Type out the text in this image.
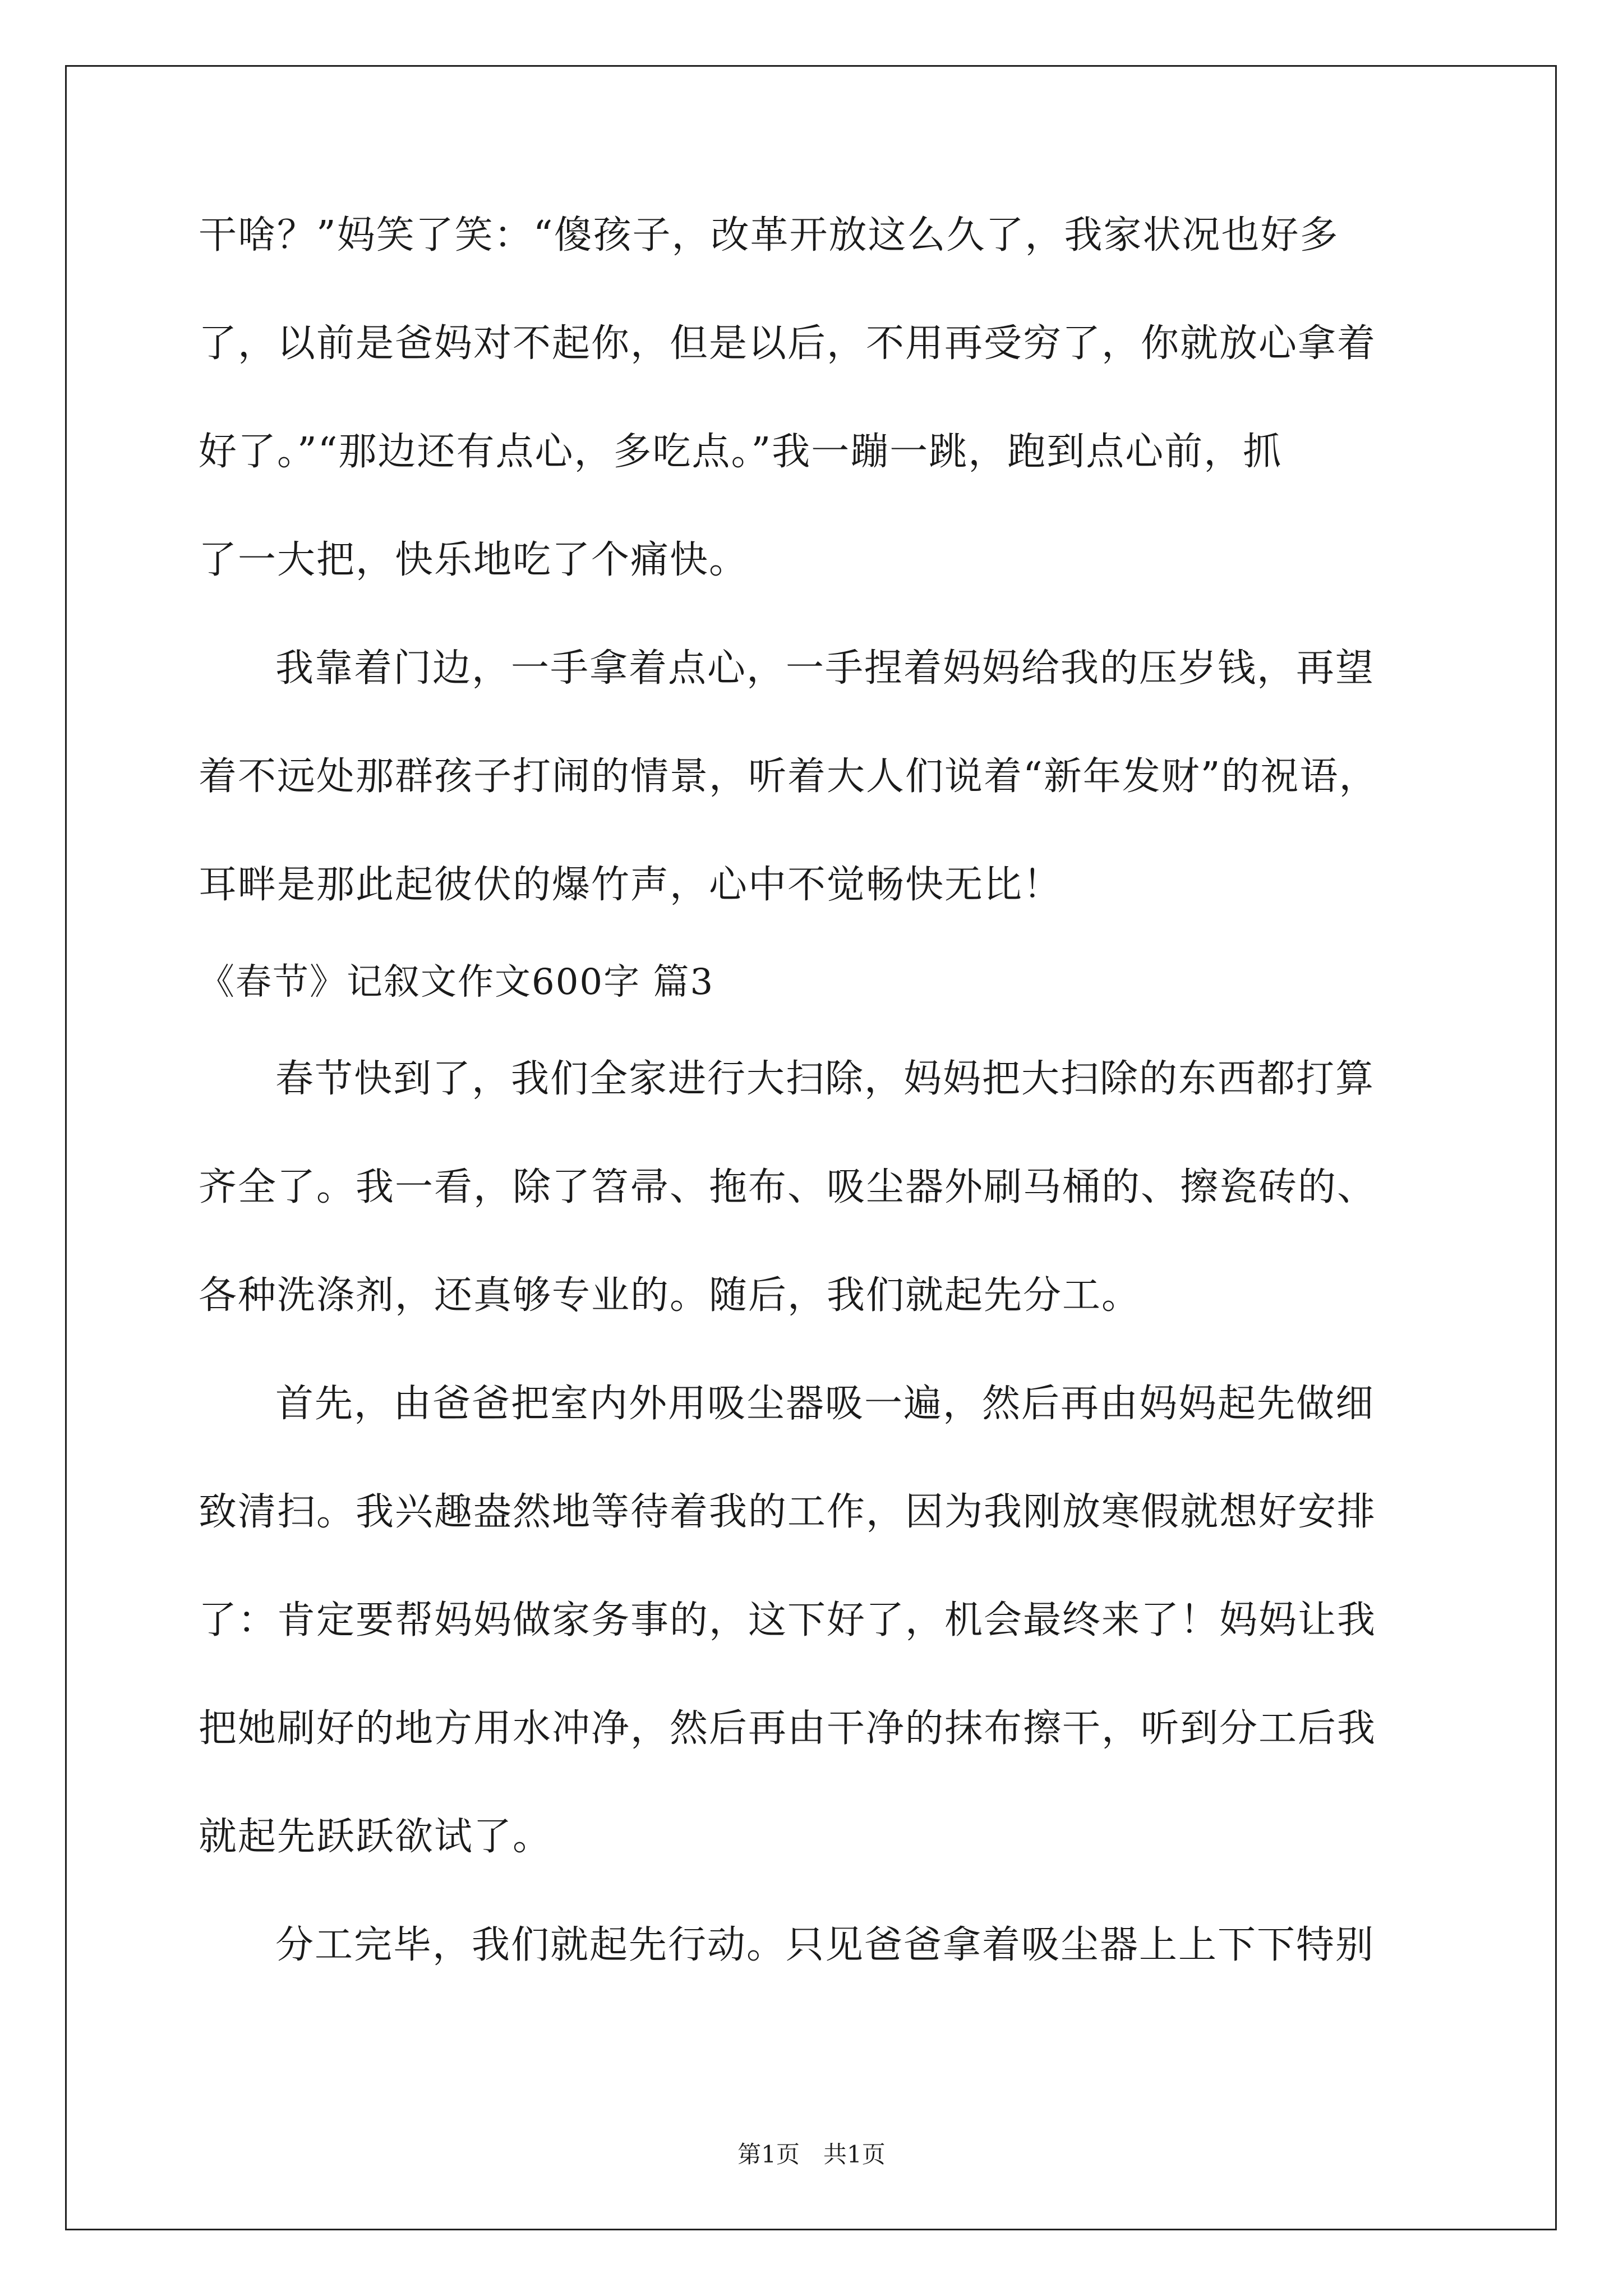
干啥？”妈笑了笑：“傻孩子，改革开放这么久了，我家状况也好多
了，以前是爸妈对不起你，但是以后，不用再受穷了，你就放心拿着
好了。”“那边还有点心，多吃点。”我一蹦一跳，跑到点心前，抓
了一大把，快乐地吃了个痛快。
我靠着门边，一手拿着点心，一手捏着妈妈给我的压岁钱，再望
着不远处那群孩子打闹的情景，听着大人们说着“新年发财”的祝语，
耳畔是那此起彼伏的爆竹声，心中不觉畅快无比！
《春节》记叙文作文600字 篇3
春节快到了，我们全家进行大扫除，妈妈把大扫除的东西都打算
齐全了。我一看，除了笤帚、拖布、吸尘器外刷马桶的、擦瓷砖的、
各种洗涤剂，还真够专业的。随后，我们就起先分工。
首先，由爸爸把室内外用吸尘器吸一遍，然后再由妈妈起先做细
致清扫。我兴趣盎然地等待着我的工作，因为我刚放寒假就想好安排
了：肯定要帮妈妈做家务事的，这下好了，机会最终来了！妈妈让我
把她刷好的地方用水冲净，然后再由干净的抹布擦干，听到分工后我
就起先跃跃欲试了。
分工完毕，我们就起先行动。只见爸爸拿着吸尘器上上下下特别
第1页　共1页
